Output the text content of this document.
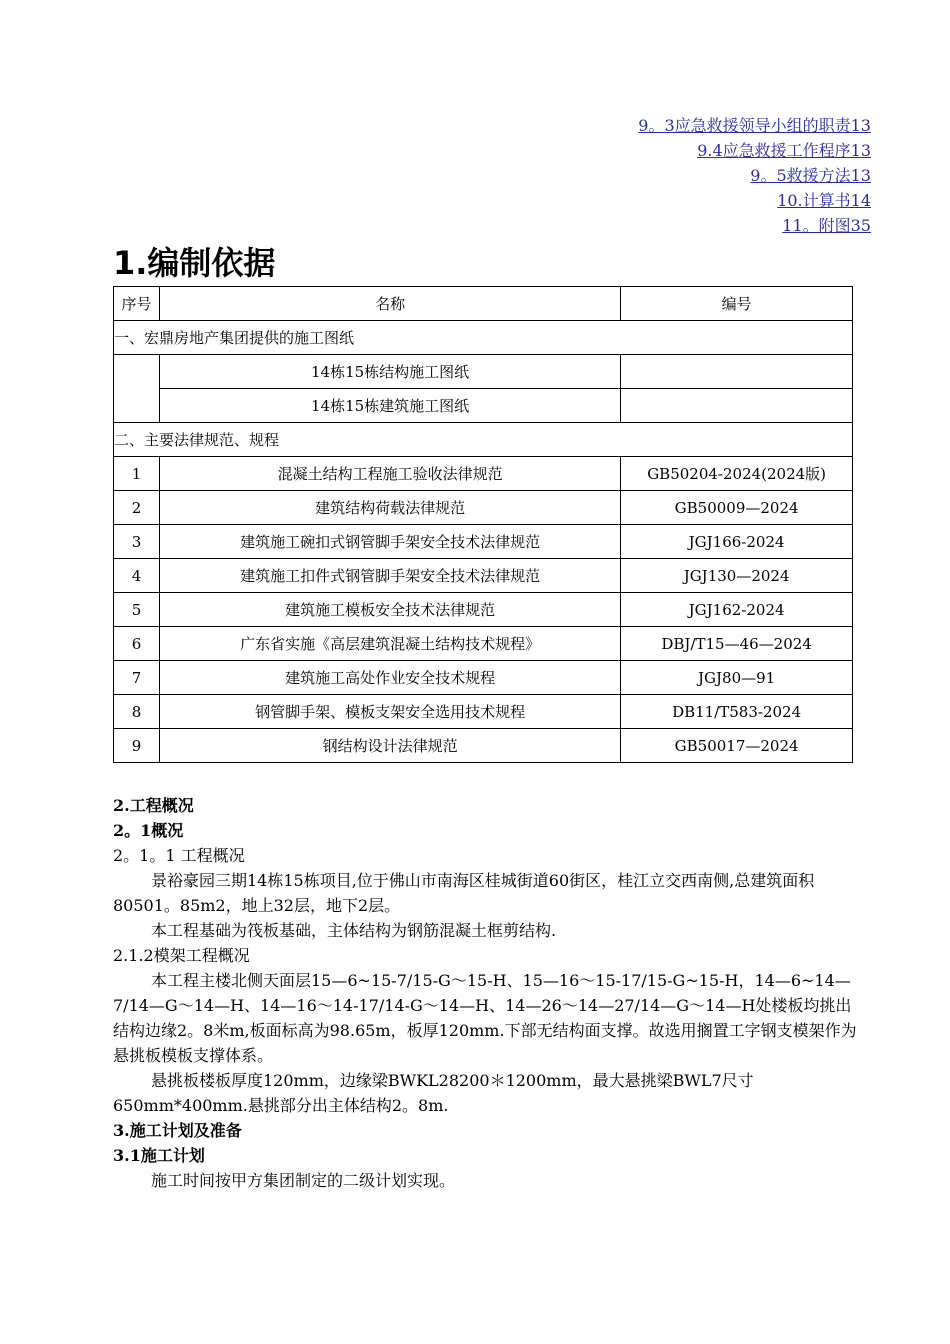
9。3应急救援领导小组的职责13
9.4应急救援工作程序13
9。5救援方法13
10.计算书14
11。附图35
1.编制依据
序号	名称	编号
一、宏鼎房地产集团提供的施工图纸		
	14栋15栋结构施工图纸	
	14栋15栋建筑施工图纸	
二、主要法律规范、规程		
1	混凝土结构工程施工验收法律规范	GB50204-2024(2024版)
2	建筑结构荷载法律规范	GB50009—2024
3	建筑施工碗扣式钢管脚手架安全技术法律规范	JGJ166-2024
4	建筑施工扣件式钢管脚手架安全技术法律规范	JGJ130—2024
5	建筑施工模板安全技术法律规范	JGJ162-2024
6	广东省实施《高层建筑混凝土结构技术规程》	DBJ/T15—46—2024
7	建筑施工高处作业安全技术规程	JGJ80—91
8	钢管脚手架、模板支架安全选用技术规程	DB11/T583-2024
9	钢结构设计法律规范	GB50017—2024

2.工程概况

2。1概况

2。1。1 工程概况

景裕豪园三期14栋15栋项目,位于佛山市南海区桂城街道60街区，桂江立交西南侧,总建筑面积80501。85m2，地上32层，地下2层。

本工程基础为筏板基础，主体结构为钢筋混凝土框剪结构.

2.1.2模架工程概况

本工程主楼北侧天面层15—6~15-7/15-G～15-H、15—16～15-17/15-G~15-H，14—6~14—7/14—G～14—H、14—16～14-17/14-G～14—H、14—26～14—27/14—G～14—H处楼板均挑出结构边缘2。8米m,板面标高为98.65m，板厚120mm.下部无结构面支撑。故选用搁置工字钢支模架作为悬挑板模板支撑体系。

悬挑板楼板厚度120mm，边缘梁BWKL28200＊1200mm，最大悬挑梁BWL7尺寸650mm*400mm.悬挑部分出主体结构2。8m.

3.施工计划及准备

3.1施工计划

施工时间按甲方集团制定的二级计划实现。
